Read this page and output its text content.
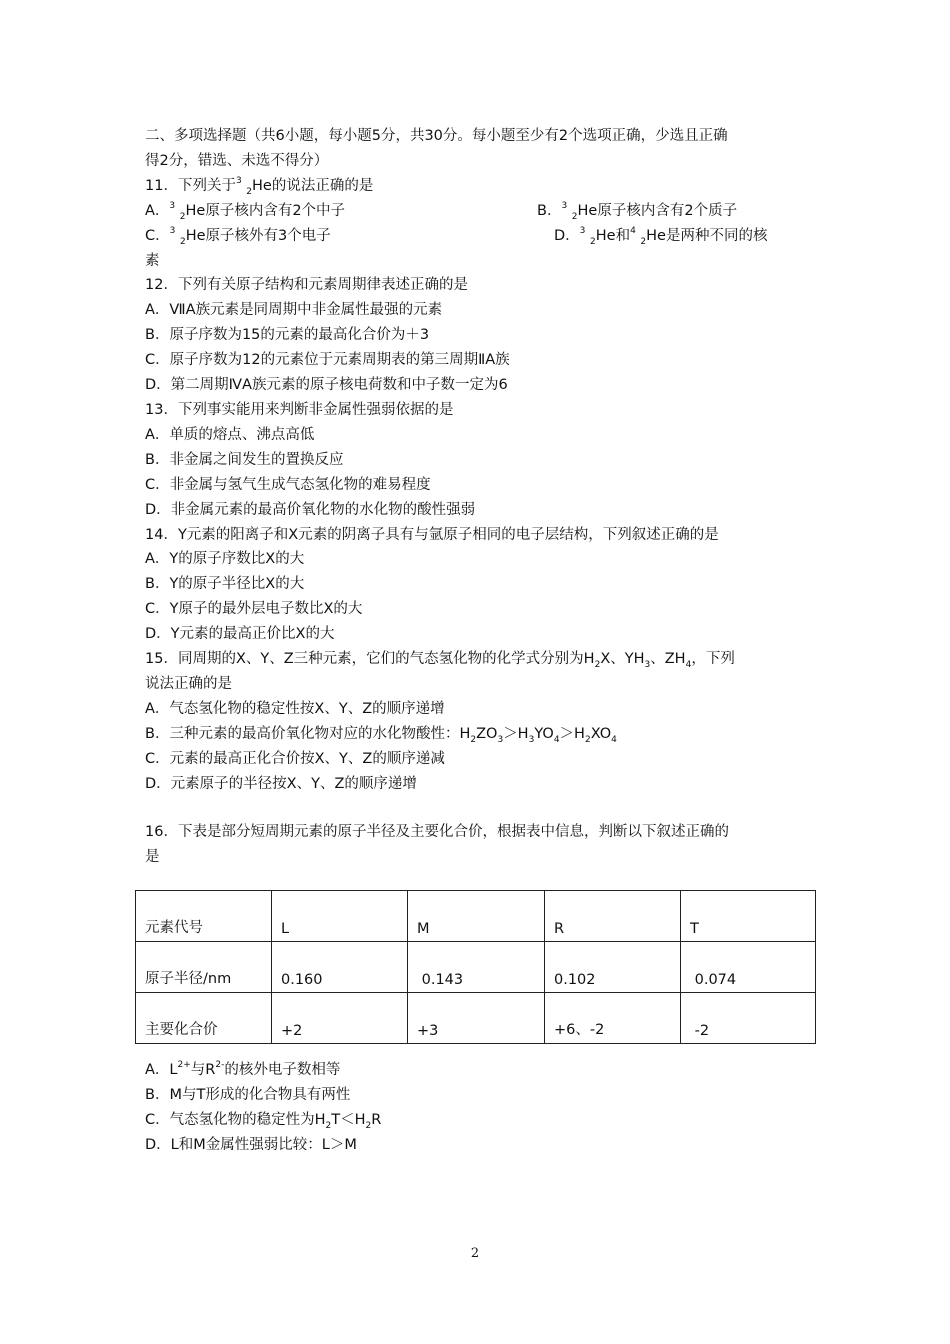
二、多项选择题（共6小题，每小题5分，共30分。每小题至少有2个选项正确，少选且正确
得2分，错选、未选不得分）
11．下列关于$^3$ $_2$He的说法正确的是
A．$^3$ $_2$He原子核内含有2个中子	B．$^3$ $_2$He原子核内含有2个质子
C．$^3$ $_2$He原子核外有3个电子	D．$^3$ $_2$He和$^4$ $_2$He是两种不同的核
素
12．下列有关原子结构和元素周期律表述正确的是
A．ⅦA族元素是同周期中非金属性最强的元素
B．原子序数为15的元素的最高化合价为＋3
C．原子序数为12的元素位于元素周期表的第三周期ⅡA族
D．第二周期ⅣA族元素的原子核电荷数和中子数一定为6
13．下列事实能用来判断非金属性强弱依据的是
A．单质的熔点、沸点高低
B．非金属之间发生的置换反应
C．非金属与氢气生成气态氢化物的难易程度
D．非金属元素的最高价氧化物的水化物的酸性强弱
14．Y元素的阳离子和X元素的阴离子具有与氩原子相同的电子层结构，下列叙述正确的是
A．Y的原子序数比X的大
B．Y的原子半径比X的大
C．Y原子的最外层电子数比X的大
D．Y元素的最高正价比X的大
15．同周期的X、Y、Z三种元素，它们的气态氢化物的化学式分别为$H_2X$、$YH_3$、$ZH_4$，下列
说法正确的是
A．气态氢化物的稳定性按X、Y、Z的顺序递增
B．三种元素的最高价氧化物对应的水化物酸性：$H_2ZO_3>H_3YO_4>H_2XO_4$
C．元素的最高正化合价按X、Y、Z的顺序递减
D．元素原子的半径按X、Y、Z的顺序递增
16．下表是部分短周期元素的原子半径及主要化合价，根据表中信息，判断以下叙述正确的
是
元素代号	L	M	R	T
原子半径/nm	0.160	0.143	0.102	0.074
主要化合价	+2	+3	+6、-2	-2
A．$L^{2+}$与$R^{2-}$的核外电子数相等
B．M与T形成的化合物具有两性
C．气态氢化物的稳定性为$H_2T<H_2R$
D．L和M金属性强弱比较：L＞M
2
